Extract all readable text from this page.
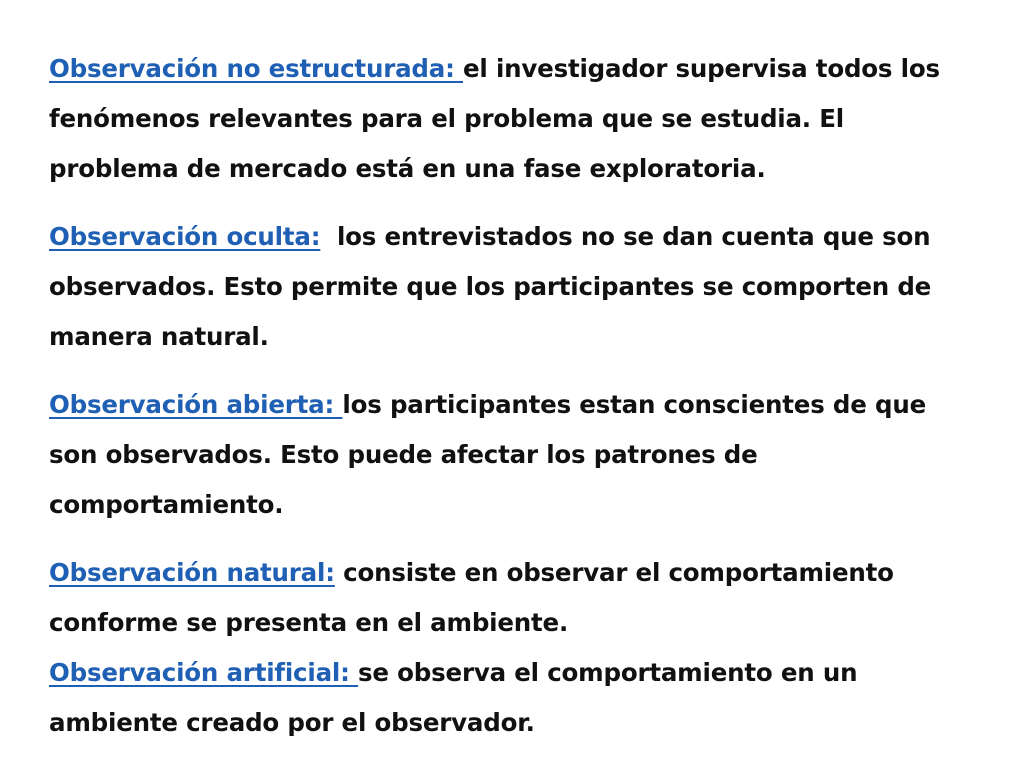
Observación no estructurada: el investigador supervisa todos los fenómenos relevantes para el problema que se estudia. El problema de mercado está en una fase exploratoria.

Observación oculta:  los entrevistados no se dan cuenta que son observados. Esto permite que los participantes se comporten de manera natural.

Observación abierta: los participantes estan conscientes de que son observados. Esto puede afectar los patrones de comportamiento.

Observación natural: consiste en observar el comportamiento conforme se presenta en el ambiente.

Observación artificial: se observa el comportamiento en un ambiente creado por el observador.
